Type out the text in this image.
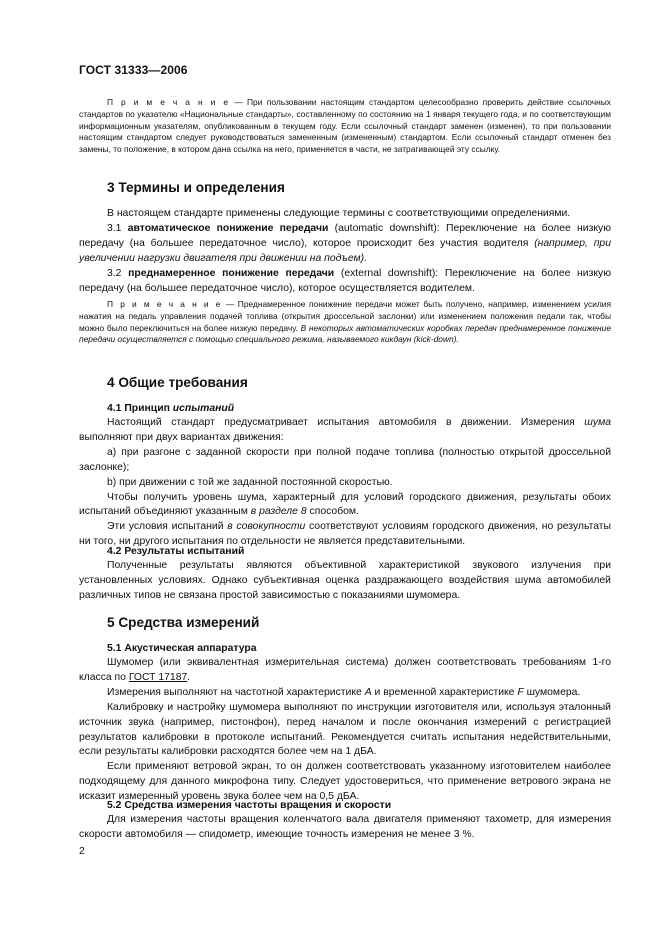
ГОСТ 31333—2006

П р и м е ч а н и е — При пользовании настоящим стандартом целесообразно проверить действие ссылочных стандартов по указателю «Национальные стандарты», составленному по состоянию на 1 января текущего года, и по соответствующим информационным указателям, опубликованным в текущем году. Если ссылочный стандарт заменен (изменен), то при пользовании настоящим стандартом следует руководствоваться замененным (измененным) стандартом. Если ссылочный стандарт отменен без замены, то положение, в котором дана ссылка на него, применяется в части, не затрагивающей эту ссылку.

3 Термины и определения

В настоящем стандарте применены следующие термины с соответствующими определениями.

3.1 автоматическое понижение передачи (automatic downshift): Переключение на более низкую передачу (на большее передаточное число), которое происходит без участия водителя (например, при увеличении нагрузки двигателя при движении на подъем).

3.2 преднамеренное понижение передачи (external downshift): Переключение на более низкую передачу (на большее передаточное число), которое осуществляется водителем.

П р и м е ч а н и е — Преднамеренное понижение передачи может быть получено, например, изменением усилия нажатия на педаль управления подачей топлива (открытия дроссельной заслонки) или изменением положения педали так, чтобы можно было переключиться на более низкую передачу. В некоторых автоматических коробках передач преднамеренное понижение передачи осуществляется с помощью специального режима, называемого кикдаун (kick-down).

4 Общие требования
4.1 Принцип испытаний

Настоящий стандарт предусматривает испытания автомобиля в движении. Измерения шума выполняют при двух вариантах движения:

а) при разгоне с заданной скорости при полной подаче топлива (полностью открытой дроссельной заслонке);

b) при движении с той же заданной постоянной скоростью.

Чтобы получить уровень шума, характерный для условий городского движения, результаты обоих испытаний объединяют указанным в разделе 8 способом.

Эти условия испытаний в совокупности соответствуют условиям городского движения, но результаты ни того, ни другого испытания по отдельности не является представительными.

4.2 Результаты испытаний

Полученные результаты являются объективной характеристикой звукового излучения при установленных условиях. Однако субъективная оценка раздражающего воздействия шума автомобилей различных типов не связана простой зависимостью с показаниями шумомера.

5 Средства измерений
5.1 Акустическая аппаратура

Шумомер (или эквивалентная измерительная система) должен соответствовать требованиям 1-го класса по ГОСТ 17187.

Измерения выполняют на частотной характеристике А и временной характеристике F шумомера.

Калибровку и настройку шумомера выполняют по инструкции изготовителя или, используя эталонный источник звука (например, пистонфон), перед началом и после окончания измерений с регистрацией результатов калибровки в протоколе испытаний. Рекомендуется считать испытания недействительными, если результаты калибровки расходятся более чем на 1 дБА.

Если применяют ветровой экран, то он должен соответствовать указанному изготовителем наиболее подходящему для данного микрофона типу. Следует удостовериться, что применение ветрового экрана не исказит измеренный уровень звука более чем на 0,5 дБА.

5.2 Средства измерения частоты вращения и скорости

Для измерения частоты вращения коленчатого вала двигателя применяют тахометр, для измерения скорости автомобиля — спидометр, имеющие точность измерения не менее 3 %.

2
